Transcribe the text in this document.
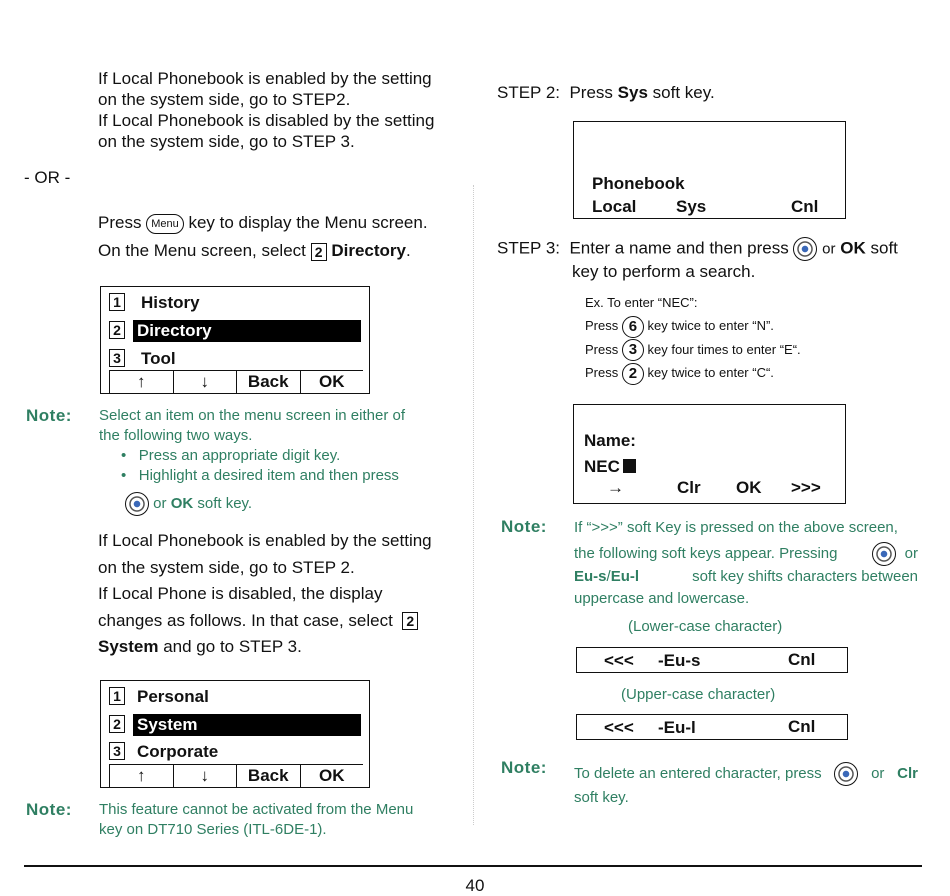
If Local Phonebook is enabled by the setting
on the system side, go to STEP2.
If Local Phonebook is disabled by the setting
on the system side, go to STEP 3.
- OR -
Press Menu key to display the Menu screen.
On the Menu screen, select 2 Directory.
1 History
2 Directory
3 Tool
↑	↓	Back	OK
Note: Select an item on the menu screen in either of
the following two ways.
•   Press an appropriate digit key.
•   Highlight a desired item and then press
or OK soft key.
If Local Phonebook is enabled by the setting
on the system side, go to STEP 2.
If Local Phone is disabled, the display
changes as follows. In that case, select 2
System and go to STEP 3.
1 Personal
2 System
3 Corporate
↑	↓	Back	OK
Note: This feature cannot be activated from the Menu
key on DT710 Series (ITL-6DE-1).
STEP 2: Press Sys soft key.
Phonebook
Local Sys	Cnl
STEP 3: Enter a name and then press or OK soft
key to perform a search.
Ex. To enter “NEC”:
Press 6 key twice to enter “N”.
Press 3 key four times to enter “E“.
Press 2 key twice to enter “C“.
Name:
NEC
→	Clr OK >>>
Note: If “>>>” soft Key is pressed on the above screen,
the following soft keys appear. Pressing	or
Eu-s/Eu-l	soft key shifts characters between
uppercase and lowercase.
(Lower-case character)
<<< -Eu-s	Cnl
(Upper-case character)
<<< -Eu-l	Cnl
Note: To delete an entered character, press	or Clr
soft key.
40
